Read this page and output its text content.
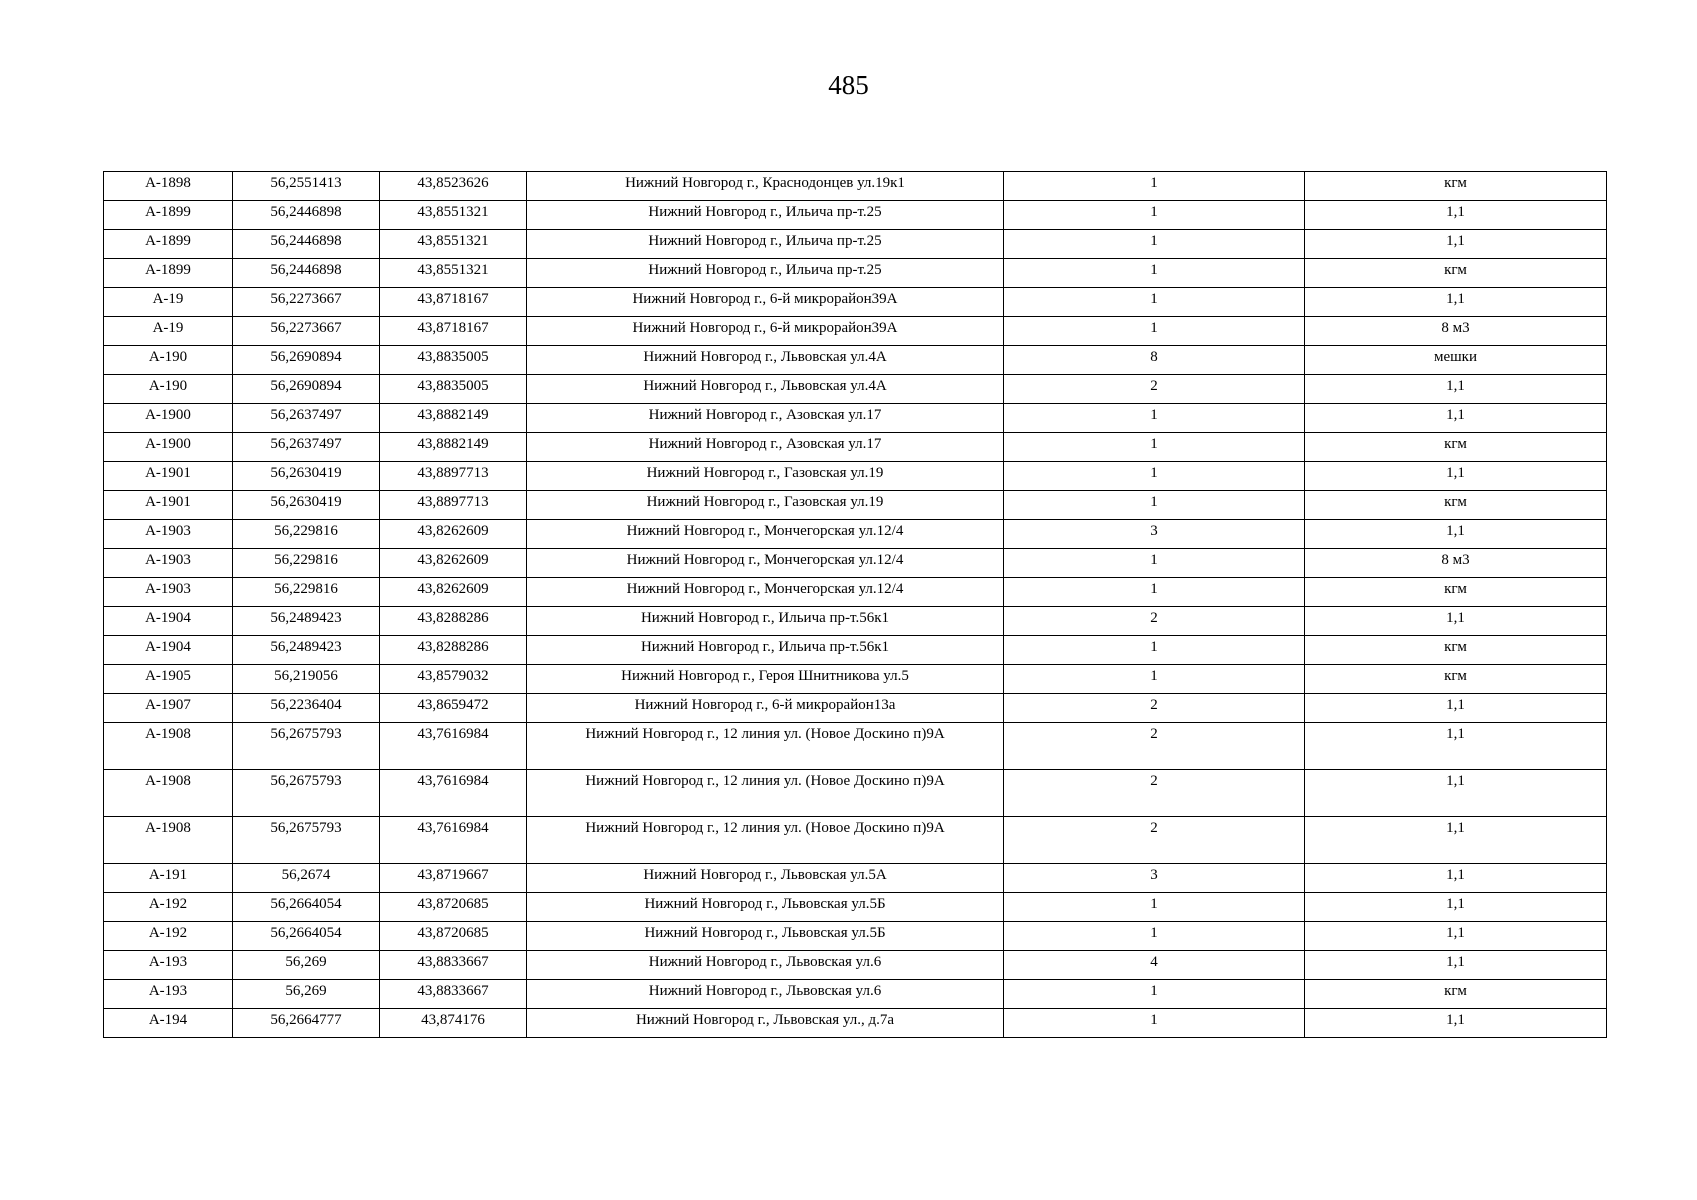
485
А-1898	56,2551413	43,8523626	Нижний Новгород г., Краснодонцев ул.19к1	1	кгм
А-1899	56,2446898	43,8551321	Нижний Новгород г., Ильича пр-т.25	1	1,1
А-1899	56,2446898	43,8551321	Нижний Новгород г., Ильича пр-т.25	1	1,1
А-1899	56,2446898	43,8551321	Нижний Новгород г., Ильича пр-т.25	1	кгм
А-19	56,2273667	43,8718167	Нижний Новгород г., 6-й микрорайон39А	1	1,1
А-19	56,2273667	43,8718167	Нижний Новгород г., 6-й микрорайон39А	1	8 м3
А-190	56,2690894	43,8835005	Нижний Новгород г., Львовская ул.4А	8	мешки
А-190	56,2690894	43,8835005	Нижний Новгород г., Львовская ул.4А	2	1,1
А-1900	56,2637497	43,8882149	Нижний Новгород г., Азовская ул.17	1	1,1
А-1900	56,2637497	43,8882149	Нижний Новгород г., Азовская ул.17	1	кгм
А-1901	56,2630419	43,8897713	Нижний Новгород г., Газовская ул.19	1	1,1
А-1901	56,2630419	43,8897713	Нижний Новгород г., Газовская ул.19	1	кгм
А-1903	56,229816	43,8262609	Нижний Новгород г., Мончегорская ул.12/4	3	1,1
А-1903	56,229816	43,8262609	Нижний Новгород г., Мончегорская ул.12/4	1	8 м3
А-1903	56,229816	43,8262609	Нижний Новгород г., Мончегорская ул.12/4	1	кгм
А-1904	56,2489423	43,8288286	Нижний Новгород г., Ильича пр-т.56к1	2	1,1
А-1904	56,2489423	43,8288286	Нижний Новгород г., Ильича пр-т.56к1	1	кгм
А-1905	56,219056	43,8579032	Нижний Новгород г., Героя Шнитникова ул.5	1	кгм
А-1907	56,2236404	43,8659472	Нижний Новгород г., 6-й микрорайон13а	2	1,1
А-1908	56,2675793	43,7616984	Нижний Новгород г., 12 линия ул. (Новое Доскино п)9А	2	1,1
А-1908	56,2675793	43,7616984	Нижний Новгород г., 12 линия ул. (Новое Доскино п)9А	2	1,1
А-1908	56,2675793	43,7616984	Нижний Новгород г., 12 линия ул. (Новое Доскино п)9А	2	1,1
А-191	56,2674	43,8719667	Нижний Новгород г., Львовская ул.5А	3	1,1
А-192	56,2664054	43,8720685	Нижний Новгород г., Львовская ул.5Б	1	1,1
А-192	56,2664054	43,8720685	Нижний Новгород г., Львовская ул.5Б	1	1,1
А-193	56,269	43,8833667	Нижний Новгород г., Львовская ул.6	4	1,1
А-193	56,269	43,8833667	Нижний Новгород г., Львовская ул.6	1	кгм
А-194	56,2664777	43,874176	Нижний Новгород г., Львовская ул., д.7а	1	1,1
